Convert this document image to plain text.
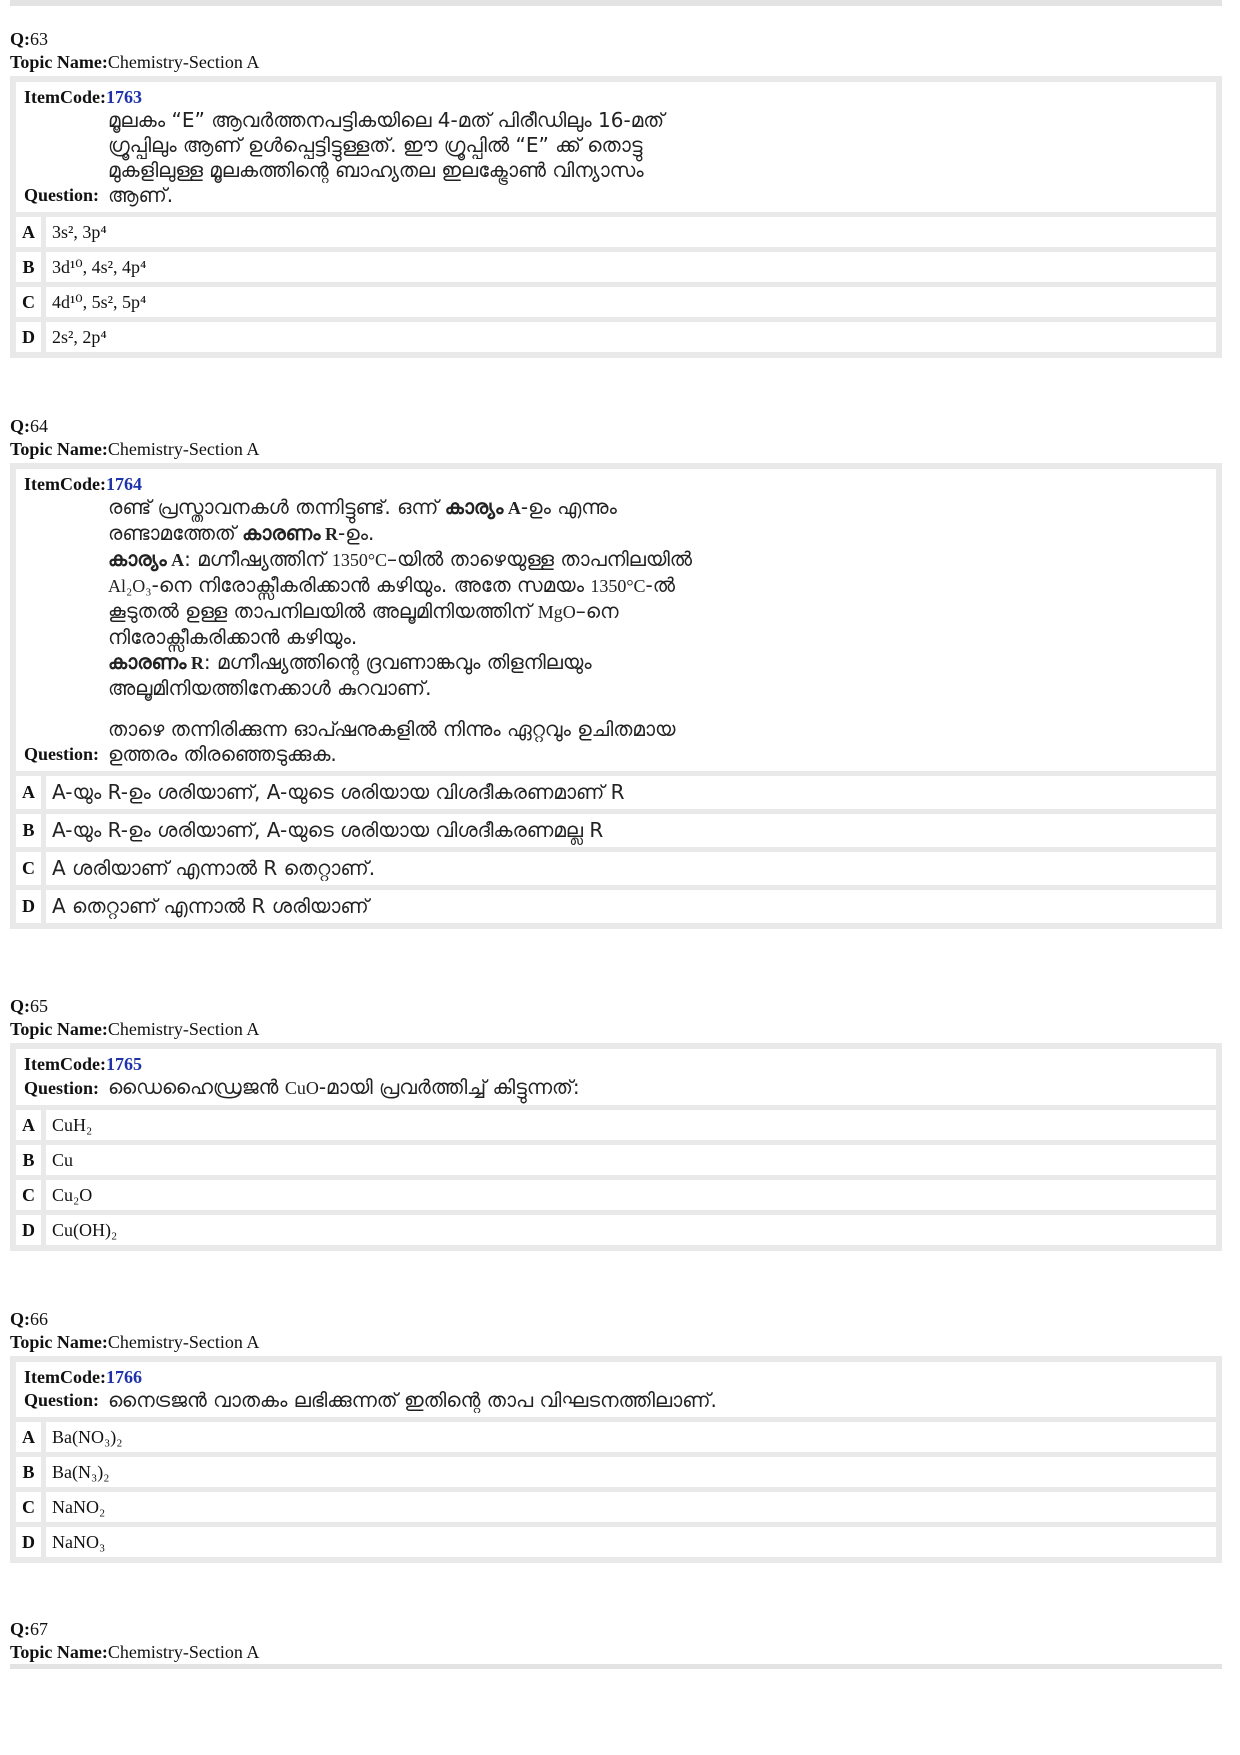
Q:63
Topic Name:Chemistry-Section A
ItemCode:1763
Question:
മൂലകം “E” ആവർത്തനപട്ടികയിലെ 4-മത് പിരീഡിലും 16-മത്
ഗ്രൂപ്പിലും ആണ് ഉൾപ്പെട്ടിട്ടുള്ളത്. ഈ ഗ്രൂപ്പിൽ “E” ക്ക് തൊട്ടു
മുകളിലുള്ള മൂലകത്തിന്റെ ബാഹ്യതല ഇലക്ട്രോൺ വിന്യാസം
ആണ്.
A 3s², 3p⁴
B 3d¹⁰, 4s², 4p⁴
C 4d¹⁰, 5s², 5p⁴
D 2s², 2p⁴
Q:64
Topic Name:Chemistry-Section A
ItemCode:1764
Question:
രണ്ട് പ്രസ്താവനകൾ തന്നിട്ടുണ്ട്. ഒന്ന് കാര്യം A-ഉം എന്നും
രണ്ടാമത്തേത് കാരണം R-ഉം.
കാര്യം A: മഗ്നീഷ്യത്തിന് 1350°C–യിൽ താഴെയുള്ള താപനിലയിൽ
Al₂O₃-നെ നിരോക്സീകരിക്കാൻ കഴിയും. അതേ സമയം 1350°C-ൽ
കൂടുതൽ ഉള്ള താപനിലയിൽ അലൂമിനിയത്തിന് MgO–നെ
നിരോക്സീകരിക്കാൻ കഴിയും.
കാരണം R: മഗ്നീഷ്യത്തിന്റെ ദ്രവണാങ്കവും തിളനിലയും
അലൂമിനിയത്തിനേക്കാൾ കുറവാണ്.
താഴെ തന്നിരിക്കുന്ന ഓപ്ഷനുകളിൽ നിന്നും ഏറ്റവും ഉചിതമായ
ഉത്തരം തിരഞ്ഞെടുക്കുക.
A A-യും R-ഉം ശരിയാണ്, A-യുടെ ശരിയായ വിശദീകരണമാണ് R
B A-യും R-ഉം ശരിയാണ്, A-യുടെ ശരിയായ വിശദീകരണമല്ല R
C A ശരിയാണ് എന്നാൽ R തെറ്റാണ്.
D A തെറ്റാണ് എന്നാൽ R ശരിയാണ്
Q:65
Topic Name:Chemistry-Section A
ItemCode:1765
Question: ഡൈഹൈഡ്രജൻ CuO-മായി പ്രവർത്തിച്ച് കിട്ടുന്നത്:
A CuH₂
B Cu
C Cu₂O
D Cu(OH)₂
Q:66
Topic Name:Chemistry-Section A
ItemCode:1766
Question: നൈട്രജൻ വാതകം ലഭിക്കുന്നത് ഇതിന്റെ താപ വിഘടനത്തിലാണ്.
A Ba(NO₃)₂
B Ba(N₃)₂
C NaNO₂
D NaNO₃
Q:67
Topic Name:Chemistry-Section A
